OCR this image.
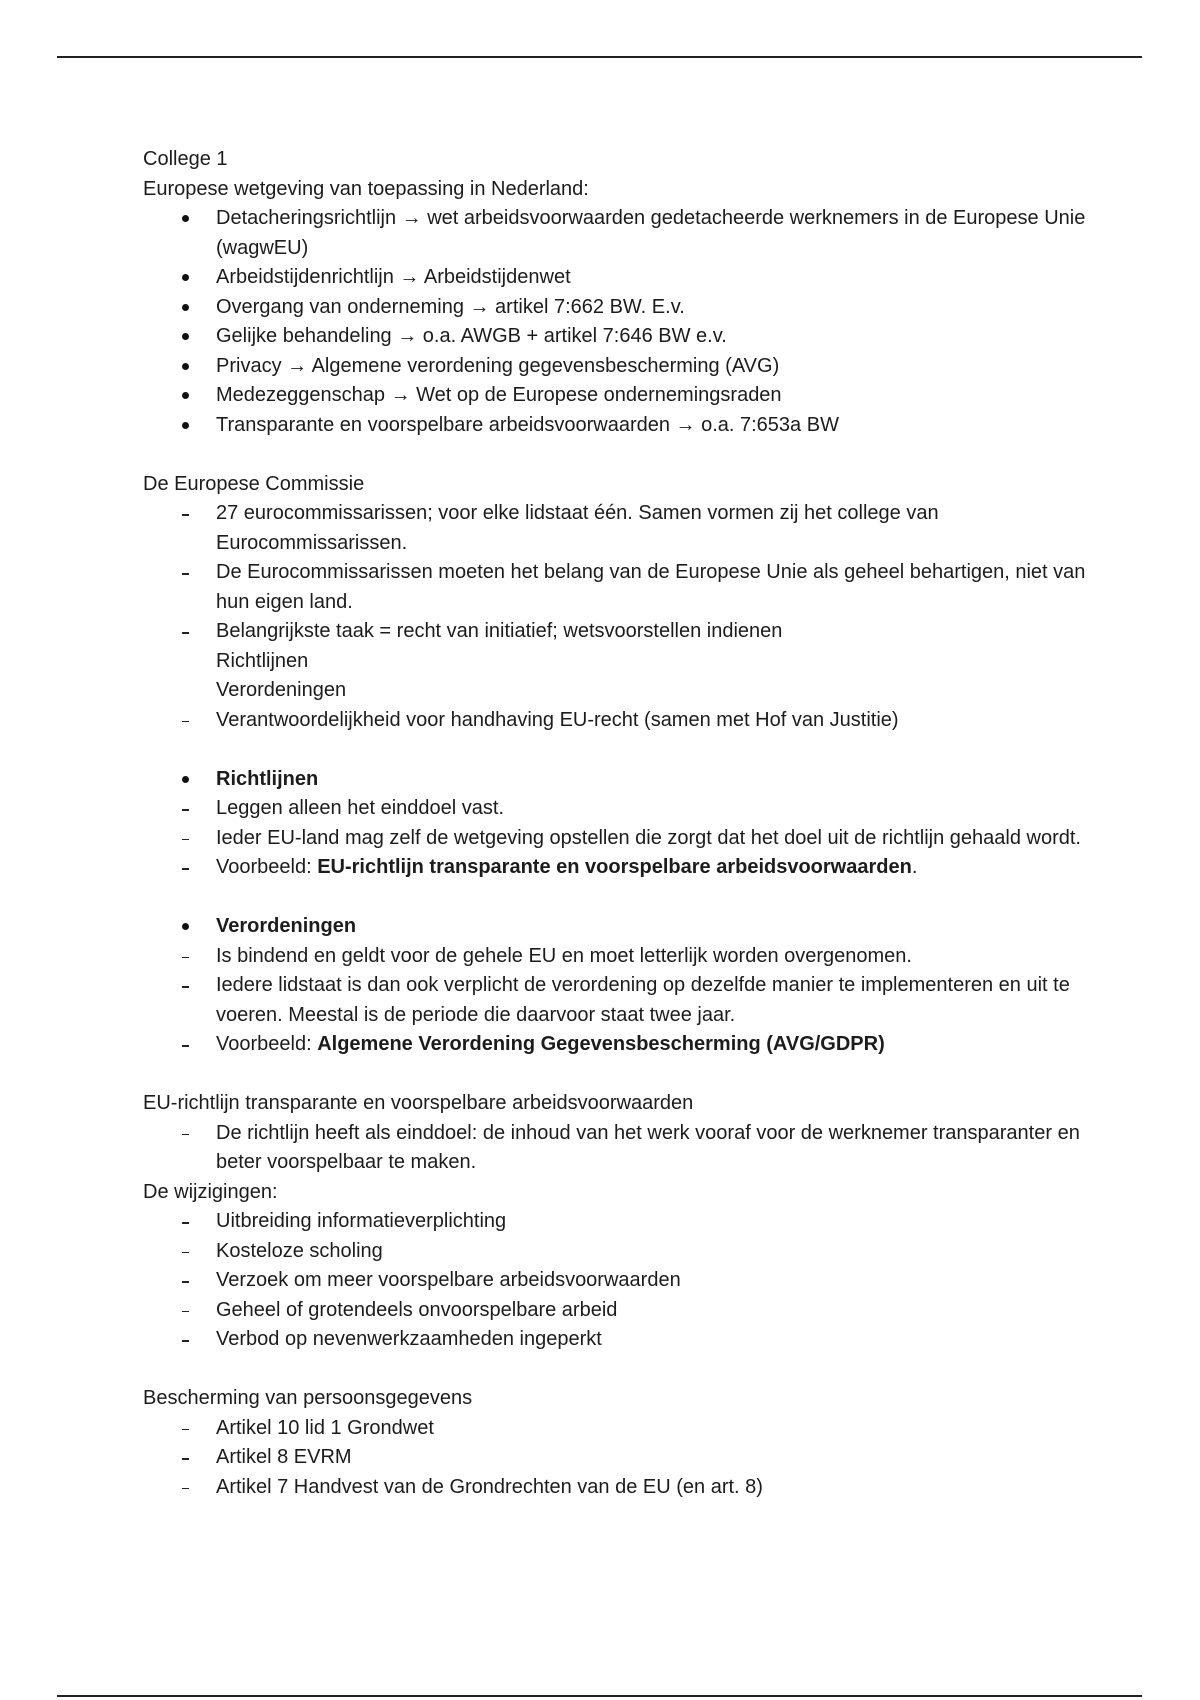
College 1

Europese wetgeving van toepassing in Nederland:

Detacheringsrichtlijn → wet arbeidsvoorwaarden gedetacheerde werknemers in de Europese Unie (wagwEU)
Arbeidstijdenrichtlijn → Arbeidstijdenwet
Overgang van onderneming → artikel 7:662 BW. E.v.
Gelijke behandeling → o.a. AWGB + artikel 7:646 BW e.v.
Privacy → Algemene verordening gegevensbescherming (AVG)
Medezeggenschap → Wet op de Europese ondernemingsraden
Transparante en voorspelbare arbeidsvoorwaarden → o.a. 7:653a BW

De Europese Commissie

27 eurocommissarissen; voor elke lidstaat één. Samen vormen zij het college van Eurocommissarissen.
De Eurocommissarissen moeten het belang van de Europese Unie als geheel behartigen, niet van hun eigen land.
Belangrijkste taak = recht van initiatief; wetsvoorstellen indienen
Richtlijnen
Verordeningen
Verantwoordelijkheid voor handhaving EU-recht (samen met Hof van Justitie)
Richtlijnen
Leggen alleen het einddoel vast.
Ieder EU-land mag zelf de wetgeving opstellen die zorgt dat het doel uit de richtlijn gehaald wordt.
Voorbeeld: EU-richtlijn transparante en voorspelbare arbeidsvoorwaarden.
Verordeningen
Is bindend en geldt voor de gehele EU en moet letterlijk worden overgenomen.
Iedere lidstaat is dan ook verplicht de verordening op dezelfde manier te implementeren en uit te voeren. Meestal is de periode die daarvoor staat twee jaar.
Voorbeeld: Algemene Verordening Gegevensbescherming (AVG/GDPR)

EU-richtlijn transparante en voorspelbare arbeidsvoorwaarden

De richtlijn heeft als einddoel: de inhoud van het werk vooraf voor de werknemer transparanter en beter voorspelbaar te maken.

De wijzigingen:

Uitbreiding informatieverplichting
Kosteloze scholing
Verzoek om meer voorspelbare arbeidsvoorwaarden
Geheel of grotendeels onvoorspelbare arbeid
Verbod op nevenwerkzaamheden ingeperkt

Bescherming van persoonsgegevens

Artikel 10 lid 1 Grondwet
Artikel 8 EVRM
Artikel 7 Handvest van de Grondrechten van de EU (en art. 8)
